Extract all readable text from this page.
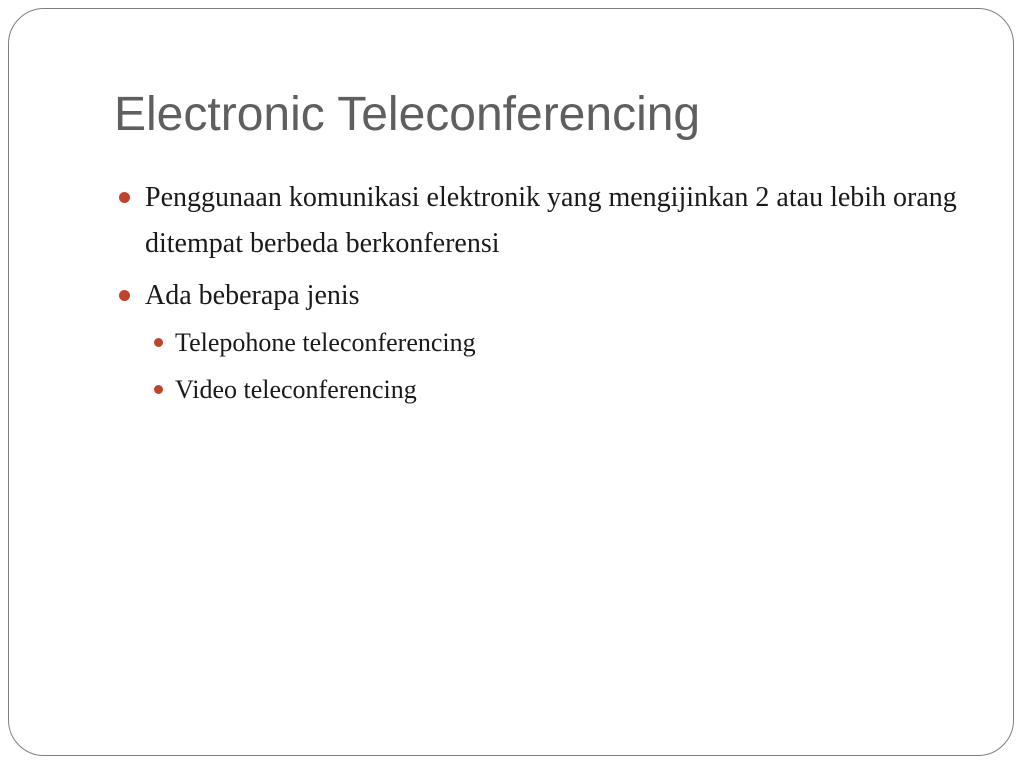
Electronic Teleconferencing
Penggunaan komunikasi elektronik yang mengijinkan 2 atau lebih orang ditempat berbeda berkonferensi
Ada beberapa jenis
Telepohone teleconferencing
Video teleconferencing
